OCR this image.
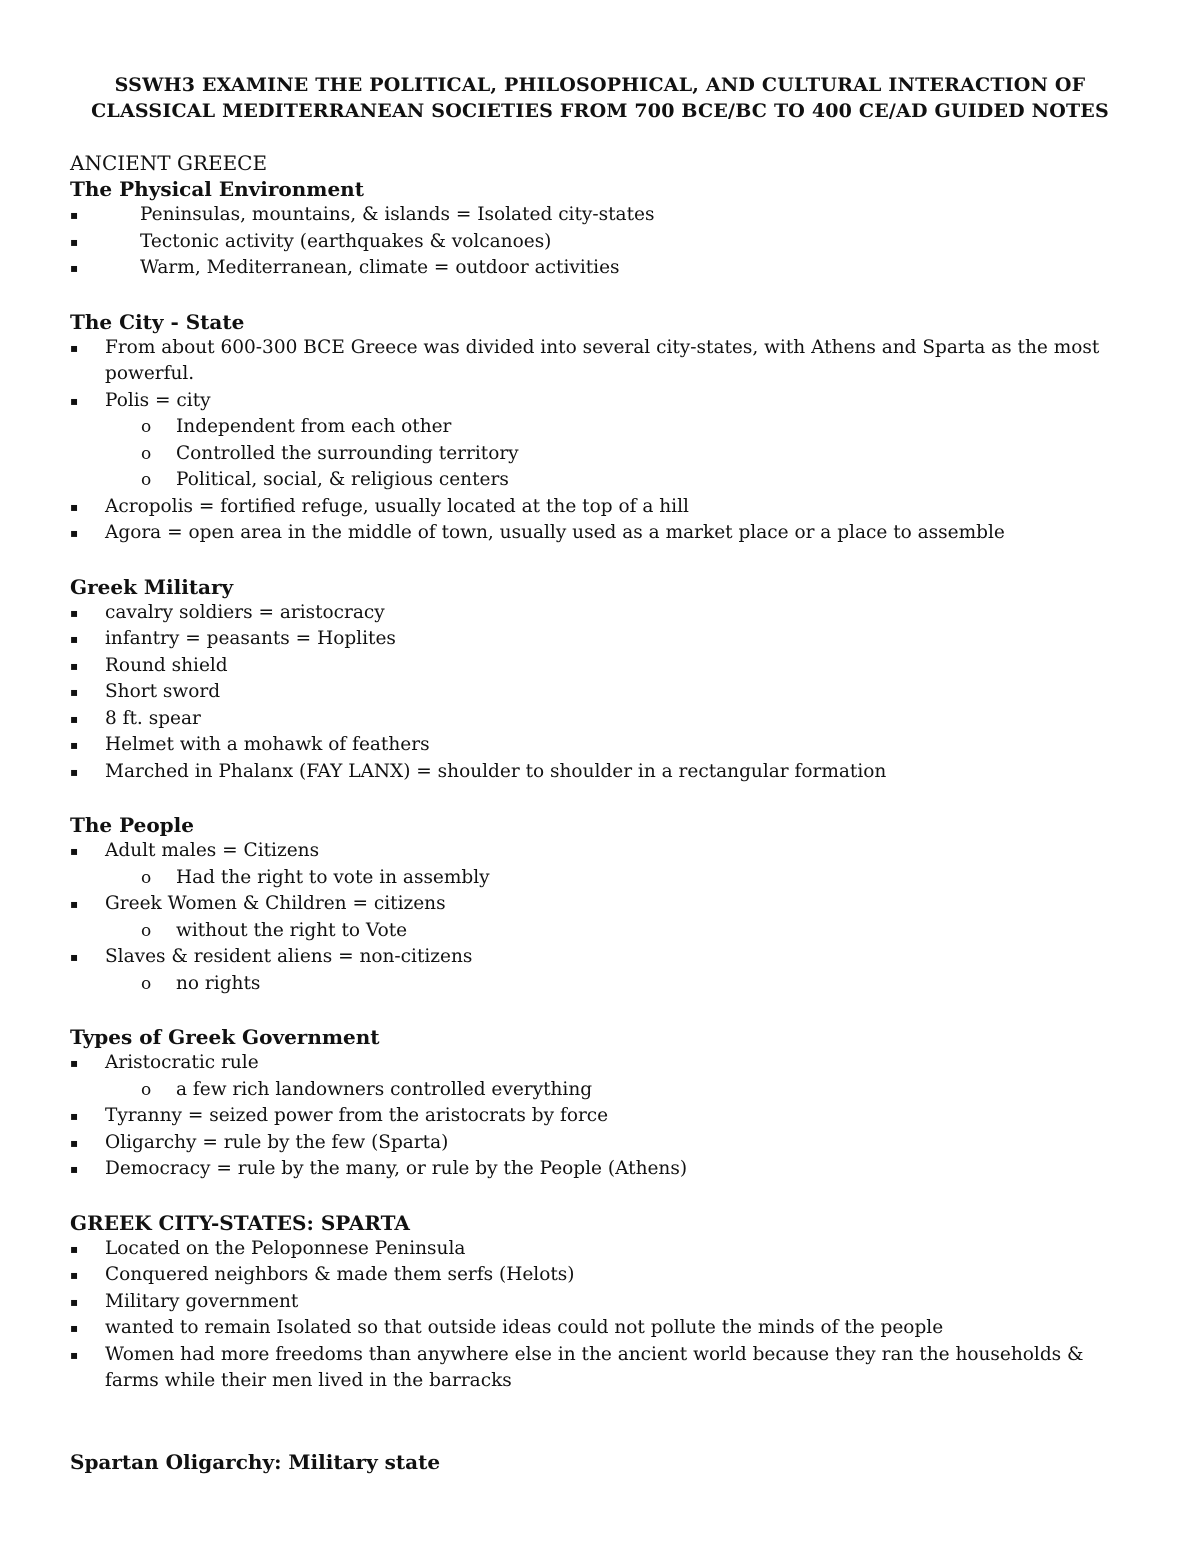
SSWH3 EXAMINE THE POLITICAL, PHILOSOPHICAL, AND CULTURAL INTERACTION OF
CLASSICAL MEDITERRANEAN SOCIETIES FROM 700 BCE/BC TO 400 CE/AD GUIDED NOTES
ANCIENT GREECE
The Physical Environment
▪	Peninsulas, mountains, & islands = Isolated city-states
▪	Tectonic activity (earthquakes & volcanoes)
▪	Warm, Mediterranean, climate = outdoor activities
The City - State
▪ From about 600-300 BCE Greece was divided into several city-states, with Athens and Sparta as the most powerful.
▪ Polis = city
o Independent from each other
o Controlled the surrounding territory
o Political, social, & religious centers
▪ Acropolis = fortified refuge, usually located at the top of a hill
▪ Agora = open area in the middle of town, usually used as a market place or a place to assemble
Greek Military
▪ cavalry soldiers = aristocracy
▪ infantry = peasants = Hoplites
▪ Round shield
▪ Short sword
▪ 8 ft. spear
▪ Helmet with a mohawk of feathers
▪ Marched in Phalanx (FAY LANX) = shoulder to shoulder in a rectangular formation
The People
▪ Adult males = Citizens
o Had the right to vote in assembly
▪ Greek Women & Children = citizens
o without the right to Vote
▪ Slaves & resident aliens = non-citizens
o no rights
Types of Greek Government
▪ Aristocratic rule
o a few rich landowners controlled everything
▪ Tyranny = seized power from the aristocrats by force
▪ Oligarchy = rule by the few (Sparta)
▪ Democracy = rule by the many, or rule by the People (Athens)
GREEK CITY-STATES: SPARTA
▪ Located on the Peloponnese Peninsula
▪ Conquered neighbors & made them serfs (Helots)
▪ Military government
▪ wanted to remain Isolated so that outside ideas could not pollute the minds of the people
▪ Women had more freedoms than anywhere else in the ancient world because they ran the households & farms while their men lived in the barracks
Spartan Oligarchy: Military state
